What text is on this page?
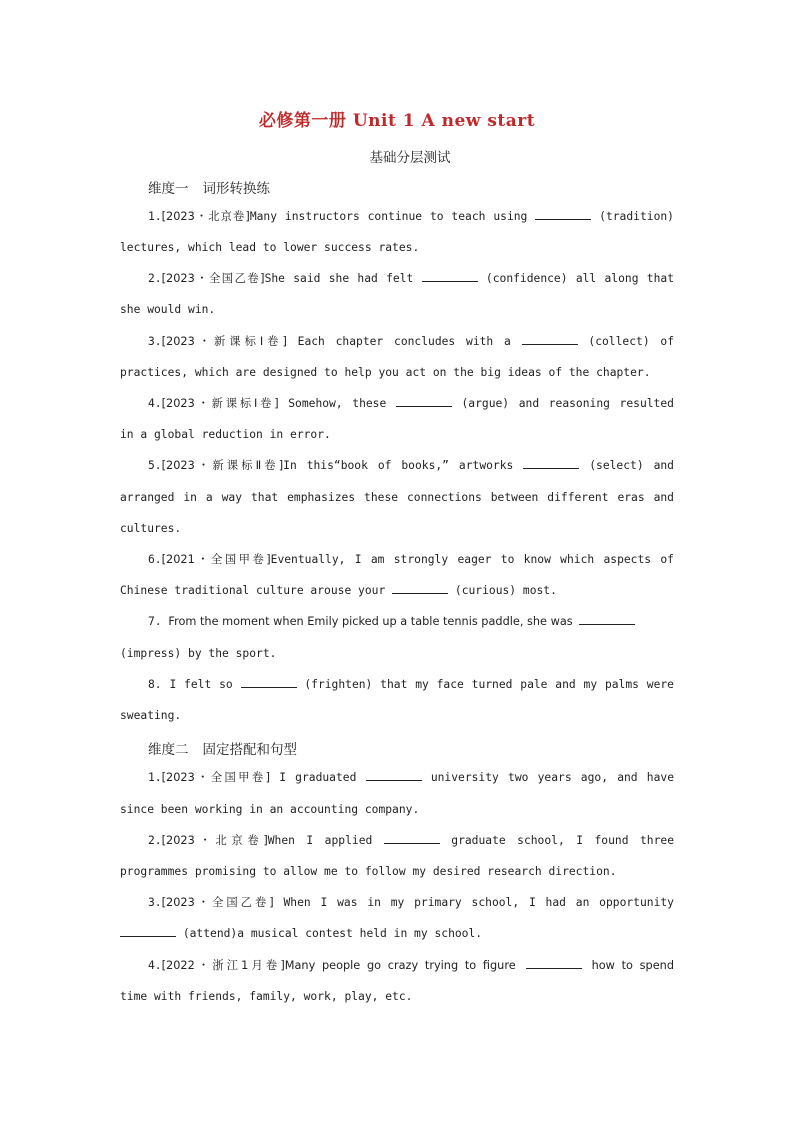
必修第一册 Unit 1 A new start
基础分层测试
维度一 词形转换练
1.[2023・北京卷]Many instructors continue to teach using	(tradition)
lectures, which lead to lower success rates.
2.[2023・全国乙卷]She said she had felt	(confidence) all along that
she would win.
3.[2023・新课标Ⅰ卷] Each chapter concludes with a	(collect) of
practices, which are designed to help you act on the big ideas of the chapter.
4.[2023・新课标Ⅰ卷] Somehow, these	(argue) and reasoning resulted
in a global reduction in error.
5.[2023・新课标Ⅱ卷]In this“book of books,” artworks	(select) and
arranged in a way that emphasizes these connections between different eras and
cultures.
6.[2021・全国甲卷]Eventually, I am strongly eager to know which aspects of
Chinese traditional culture arouse your	(curious) most.
7. From the moment when Emily picked up a table tennis paddle, she was
(impress) by the sport.
8. I felt so	(frighten) that my face turned pale and my palms were
sweating.
维度二 固定搭配和句型
1.[2023・全国甲卷] I graduated	university two years ago, and have
since been working in an accounting company.
2.[2023・北京卷]When I applied	graduate school, I found three
programmes promising to allow me to follow my desired research direction.
3.[2023・全国乙卷] When I was in my primary school, I had an opportunity
(attend)a musical contest held in my school.
4.[2022・浙江1月卷]Many people go crazy trying to figure	how to spend
time with friends, family, work, play, etc.
